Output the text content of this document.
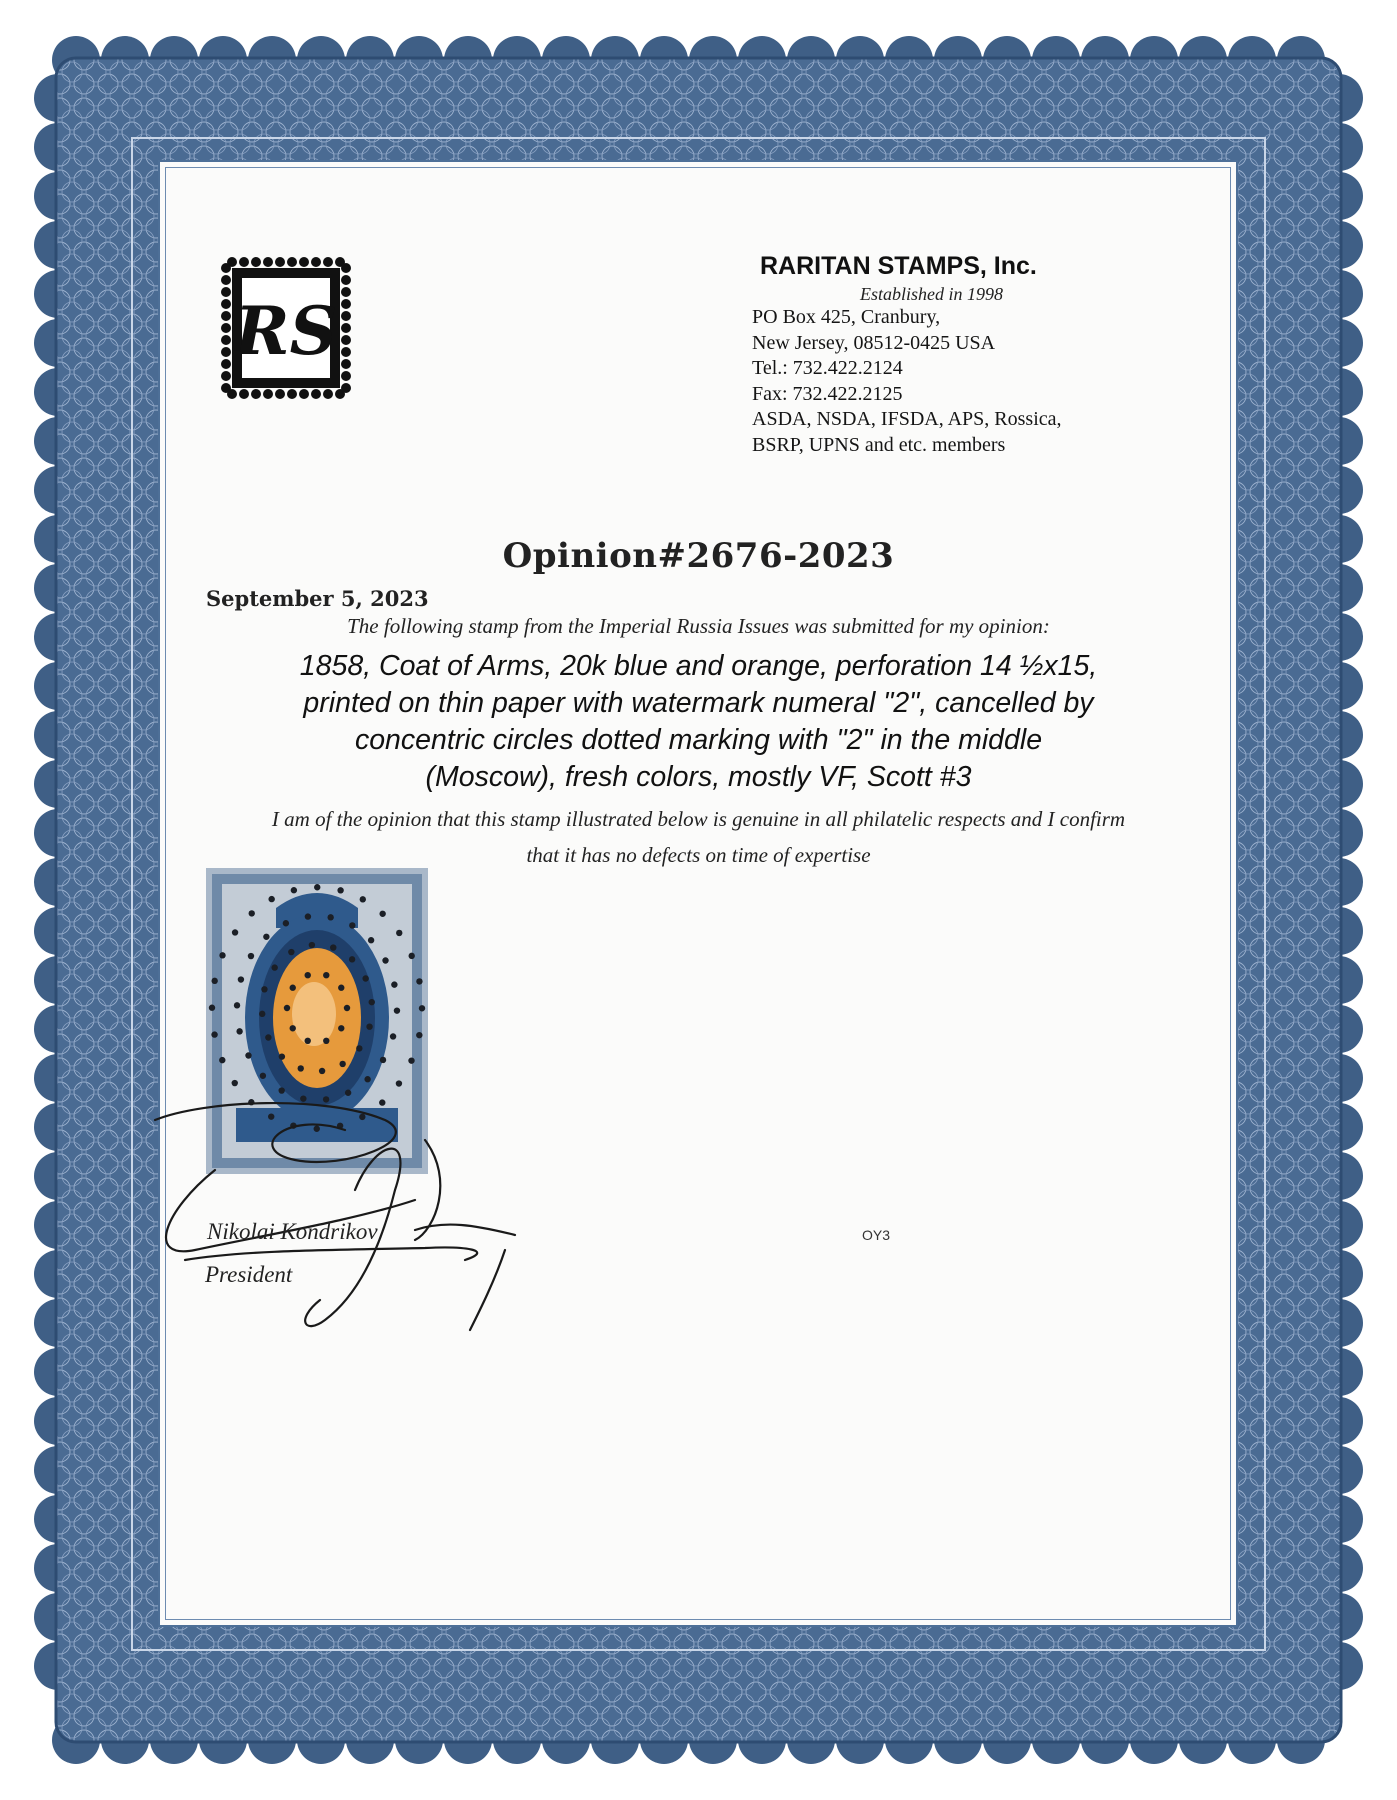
RS
RARITAN STAMPS, Inc.
Established in 1998
PO Box 425, Cranbury,
New Jersey, 08512-0425 USA
Tel.: 732.422.2124
Fax: 732.422.2125
ASDA, NSDA, IFSDA, APS, Rossica,
BSRP, UPNS and etc. members
Opinion#2676-2023
September 5, 2023
The following stamp from the Imperial Russia Issues was submitted for my opinion:
1858, Coat of Arms, 20k blue and orange, perforation 14 ½x15,
printed on thin paper with watermark numeral "2", cancelled by
concentric circles dotted marking with "2" in the middle
(Moscow), fresh colors, mostly VF, Scott #3
I am of the opinion that this stamp illustrated below is genuine in all philatelic respects and I confirm
that it has no defects on time of expertise
Nikolai Kondrikov
President
OY3
